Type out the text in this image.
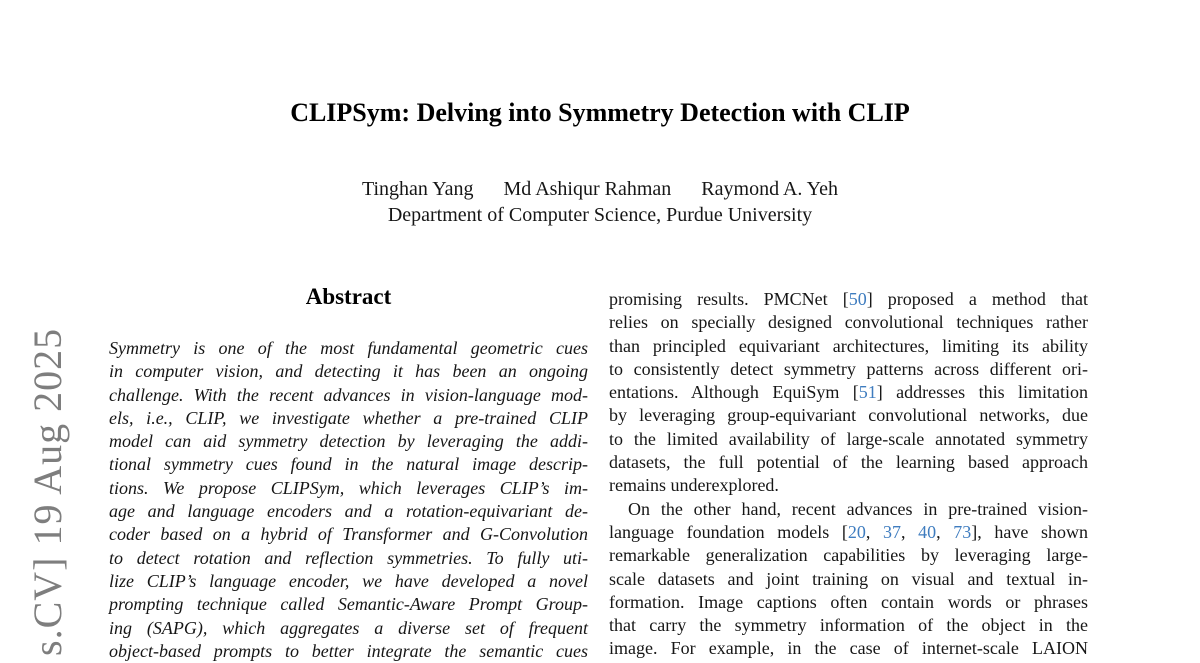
s.CV] 19 Aug 2025
CLIPSym: Delving into Symmetry Detection with CLIP
Tinghan Yang Md Ashiqur Rahman Raymond A. Yeh
Department of Computer Science, Purdue University
Abstract
Symmetry is one of the most fundamental geometric cues
in computer vision, and detecting it has been an ongoing
challenge. With the recent advances in vision-language mod-
els, i.e., CLIP, we investigate whether a pre-trained CLIP
model can aid symmetry detection by leveraging the addi-
tional symmetry cues found in the natural image descrip-
tions. We propose CLIPSym, which leverages CLIP’s im-
age and language encoders and a rotation-equivariant de-
coder based on a hybrid of Transformer and G-Convolution
to detect rotation and reflection symmetries. To fully uti-
lize CLIP’s language encoder, we have developed a novel
prompting technique called Semantic-Aware Prompt Group-
ing (SAPG), which aggregates a diverse set of frequent
object-based prompts to better integrate the semantic cues
promising results. PMCNet [50] proposed a method that
relies on specially designed convolutional techniques rather
than principled equivariant architectures, limiting its ability
to consistently detect symmetry patterns across different ori-
entations. Although EquiSym [51] addresses this limitation
by leveraging group-equivariant convolutional networks, due
to the limited availability of large-scale annotated symmetry
datasets, the full potential of the learning based approach
remains underexplored.
On the other hand, recent advances in pre-trained vision-
language foundation models [20, 37, 40, 73], have shown
remarkable generalization capabilities by leveraging large-
scale datasets and joint training on visual and textual in-
formation. Image captions often contain words or phrases
that carry the symmetry information of the object in the
image. For example, in the case of internet-scale LAION
